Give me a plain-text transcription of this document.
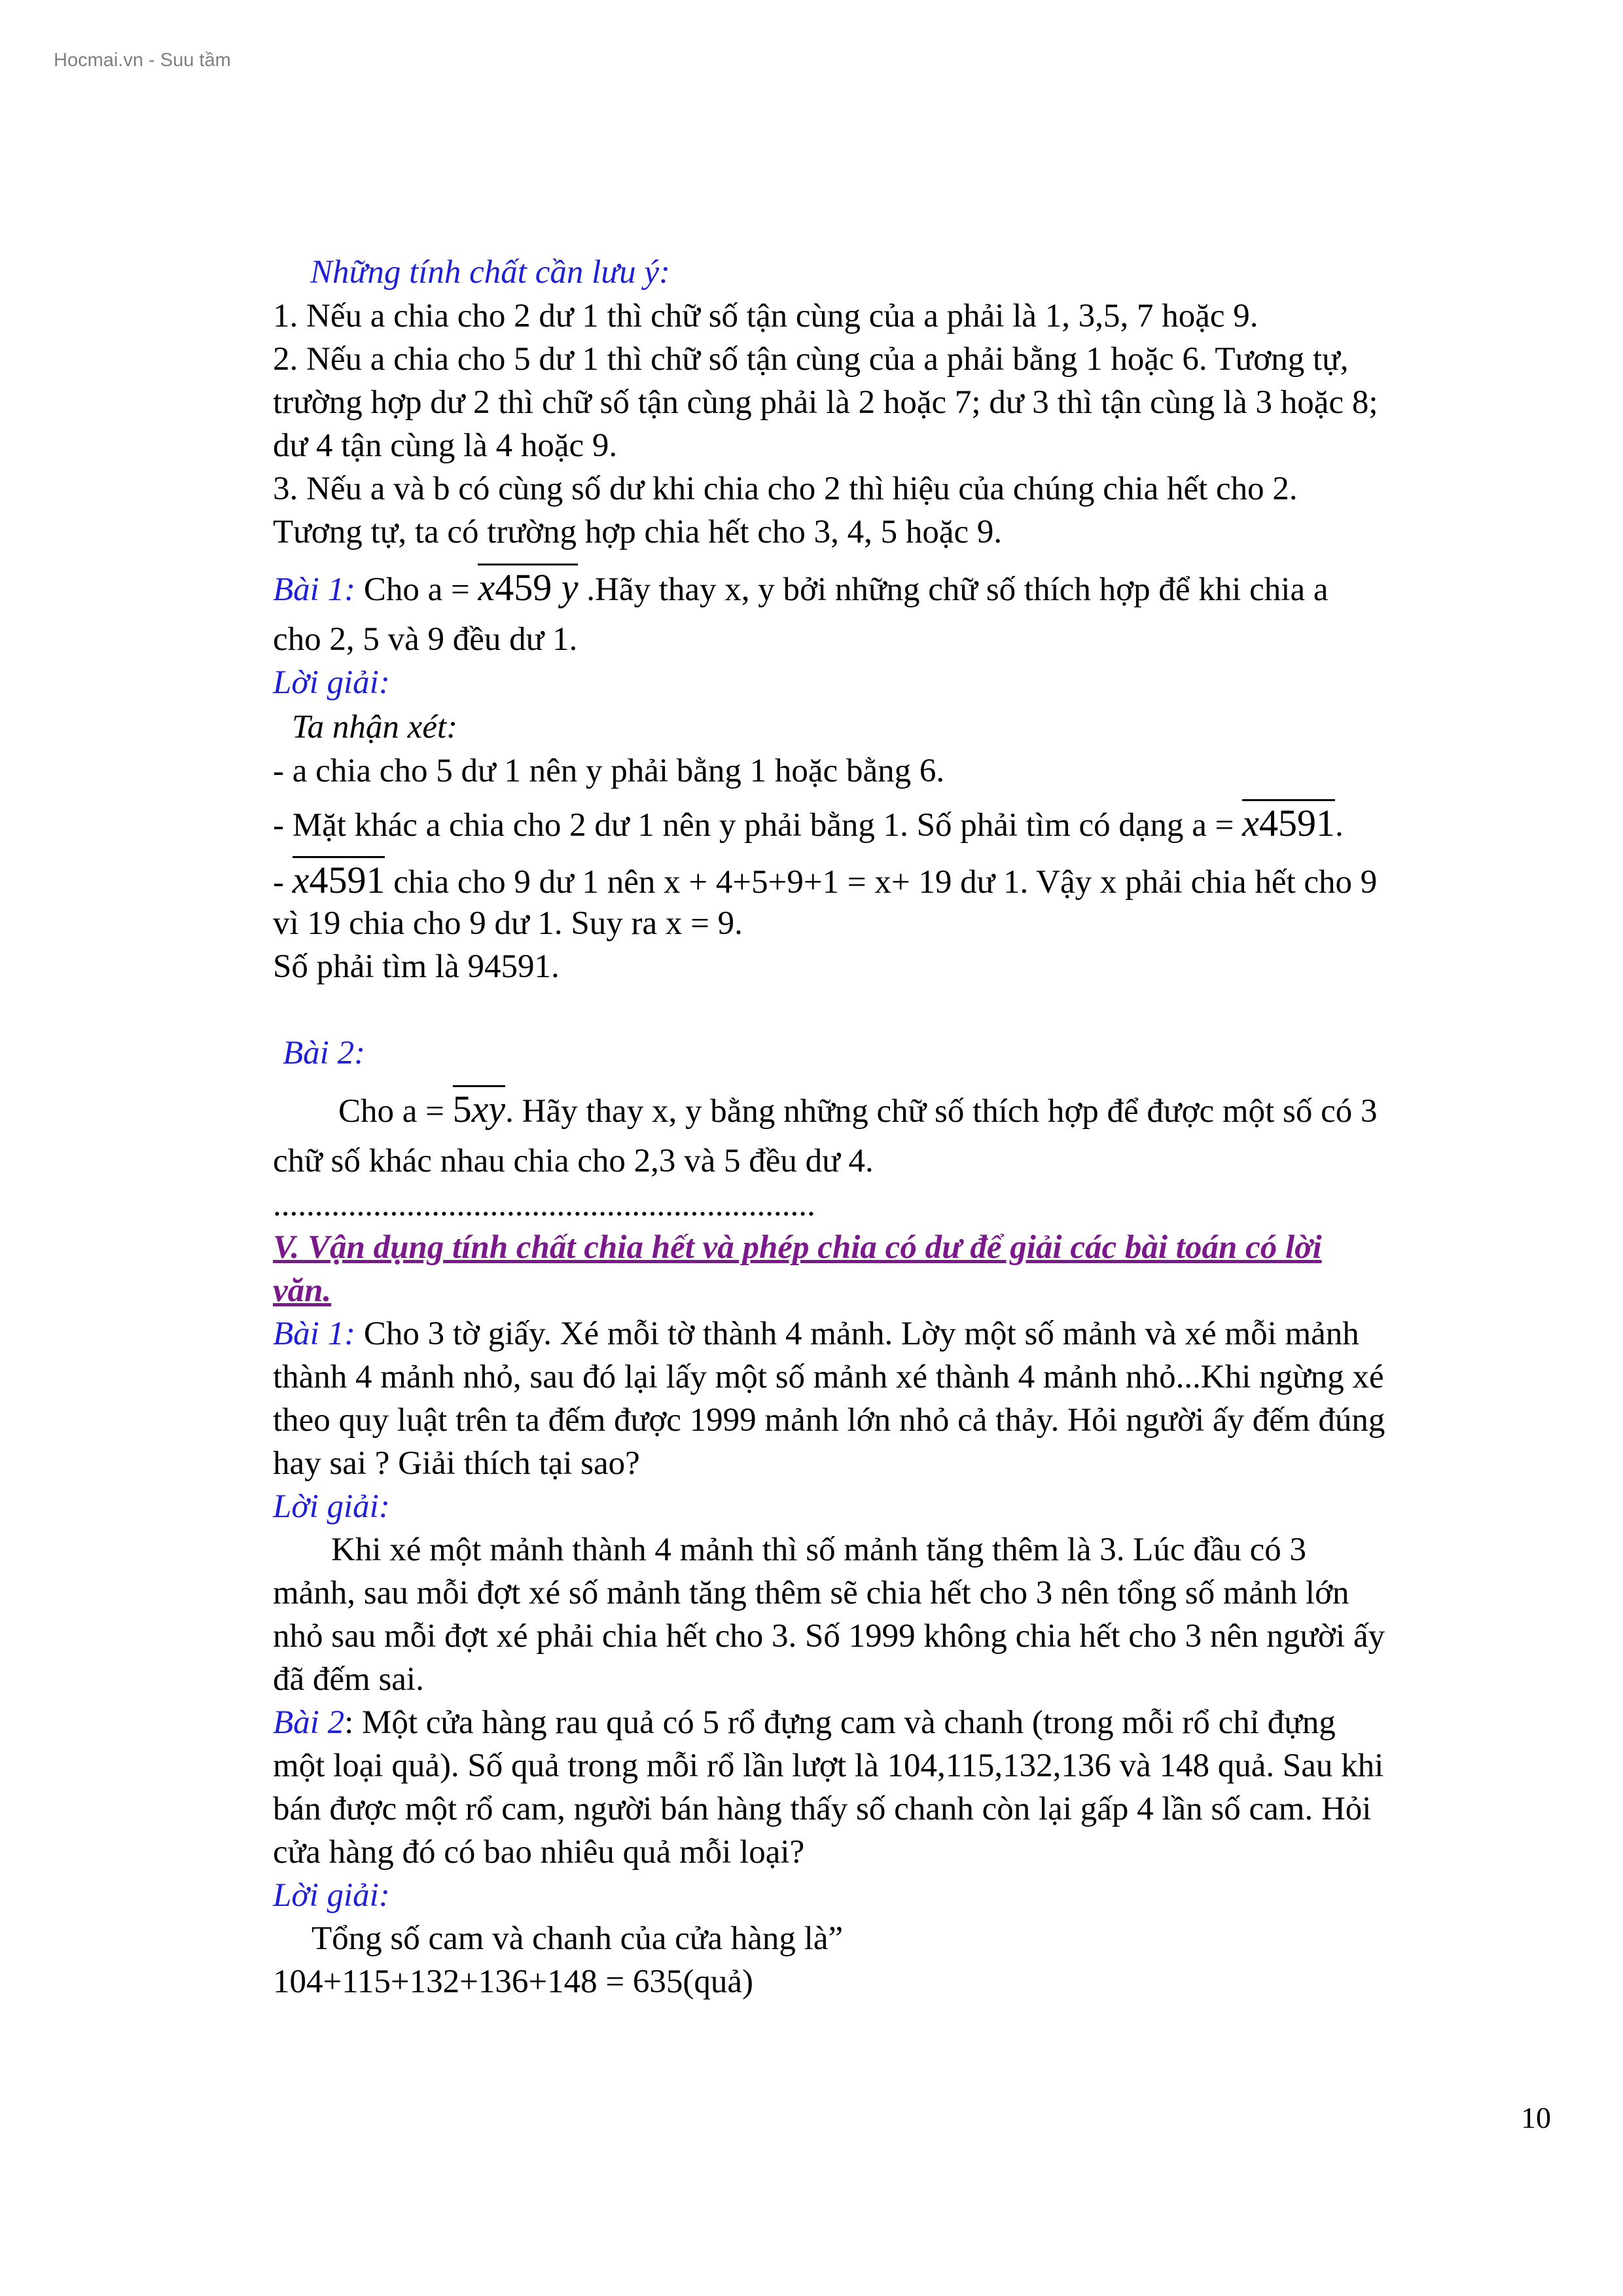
Hocmai.vn - Suu tầm
Những tính chất cần lưu ý:
1. Nếu a chia cho 2 dư 1 thì chữ số tận cùng của a phải là 1, 3,5, 7 hoặc 9.
2. Nếu a chia cho 5 dư 1 thì chữ số tận cùng của a phải bằng 1 hoặc 6. Tương tự,
trường hợp dư 2 thì chữ số tận cùng phải là 2 hoặc 7; dư 3 thì tận cùng là 3 hoặc 8;
dư 4 tận cùng là 4 hoặc 9.
3. Nếu a và b có cùng số dư khi chia cho 2 thì hiệu của chúng chia hết cho 2.
Tương tự, ta có trường hợp chia hết cho 3, 4, 5 hoặc 9.
Bài 1: Cho a =
x459 y .Hãy thay x, y bởi những chữ số thích hợp để khi chia a
cho 2, 5 và 9 đều dư 1.
Lời giải:
Ta nhận xét:
- a chia cho 5 dư 1 nên y phải bằng 1 hoặc bằng 6.
- Mặt khác a chia cho 2 dư 1 nên y phải bằng 1. Số phải tìm có dạng a =
x4591.
-
x4591 chia cho 9 dư 1 nên x + 4+5+9+1 = x+ 19 dư 1. Vậy x phải chia hết cho 9
vì 19 chia cho 9 dư 1. Suy ra x = 9.
Số phải tìm là 94591.
Bài 2:
Cho a =
5xy. Hãy thay x, y bằng những chữ số thích hợp để được một số có 3
chữ số khác nhau chia cho 2,3 và 5 đều dư 4.
.................................................................
V. Vận dụng tính chất chia hết và phép chia có dư để giải các bài toán có lời
văn.
Bài 1: Cho 3 tờ giấy. Xé mỗi tờ thành 4 mảnh. Lờy một số mảnh và xé mỗi mảnh
thành 4 mảnh nhỏ, sau đó lại lấy một số mảnh xé thành 4 mảnh nhỏ...Khi ngừng xé
theo quy luật trên ta đếm được 1999 mảnh lớn nhỏ cả thảy. Hỏi người ấy đếm đúng
hay sai ? Giải thích tại sao?
Lời giải:
Khi xé một mảnh thành 4 mảnh thì số mảnh tăng thêm là 3. Lúc đầu có 3
mảnh, sau mỗi đợt xé số mảnh tăng thêm sẽ chia hết cho 3 nên tổng số mảnh lớn
nhỏ sau mỗi đợt xé phải chia hết cho 3. Số 1999 không chia hết cho 3 nên người ấy
đã đếm sai.
Bài 2: Một cửa hàng rau quả có 5 rổ đựng cam và chanh (trong mỗi rổ chỉ đựng
một loại quả). Số quả trong mỗi rổ lần lượt là 104,115,132,136 và 148 quả. Sau khi
bán được một rổ cam, người bán hàng thấy số chanh còn lại gấp 4 lần số cam. Hỏi
cửa hàng đó có bao nhiêu quả mỗi loại?
Lời giải:
Tổng số cam và chanh của cửa hàng là”
104+115+132+136+148 = 635(quả)
10
